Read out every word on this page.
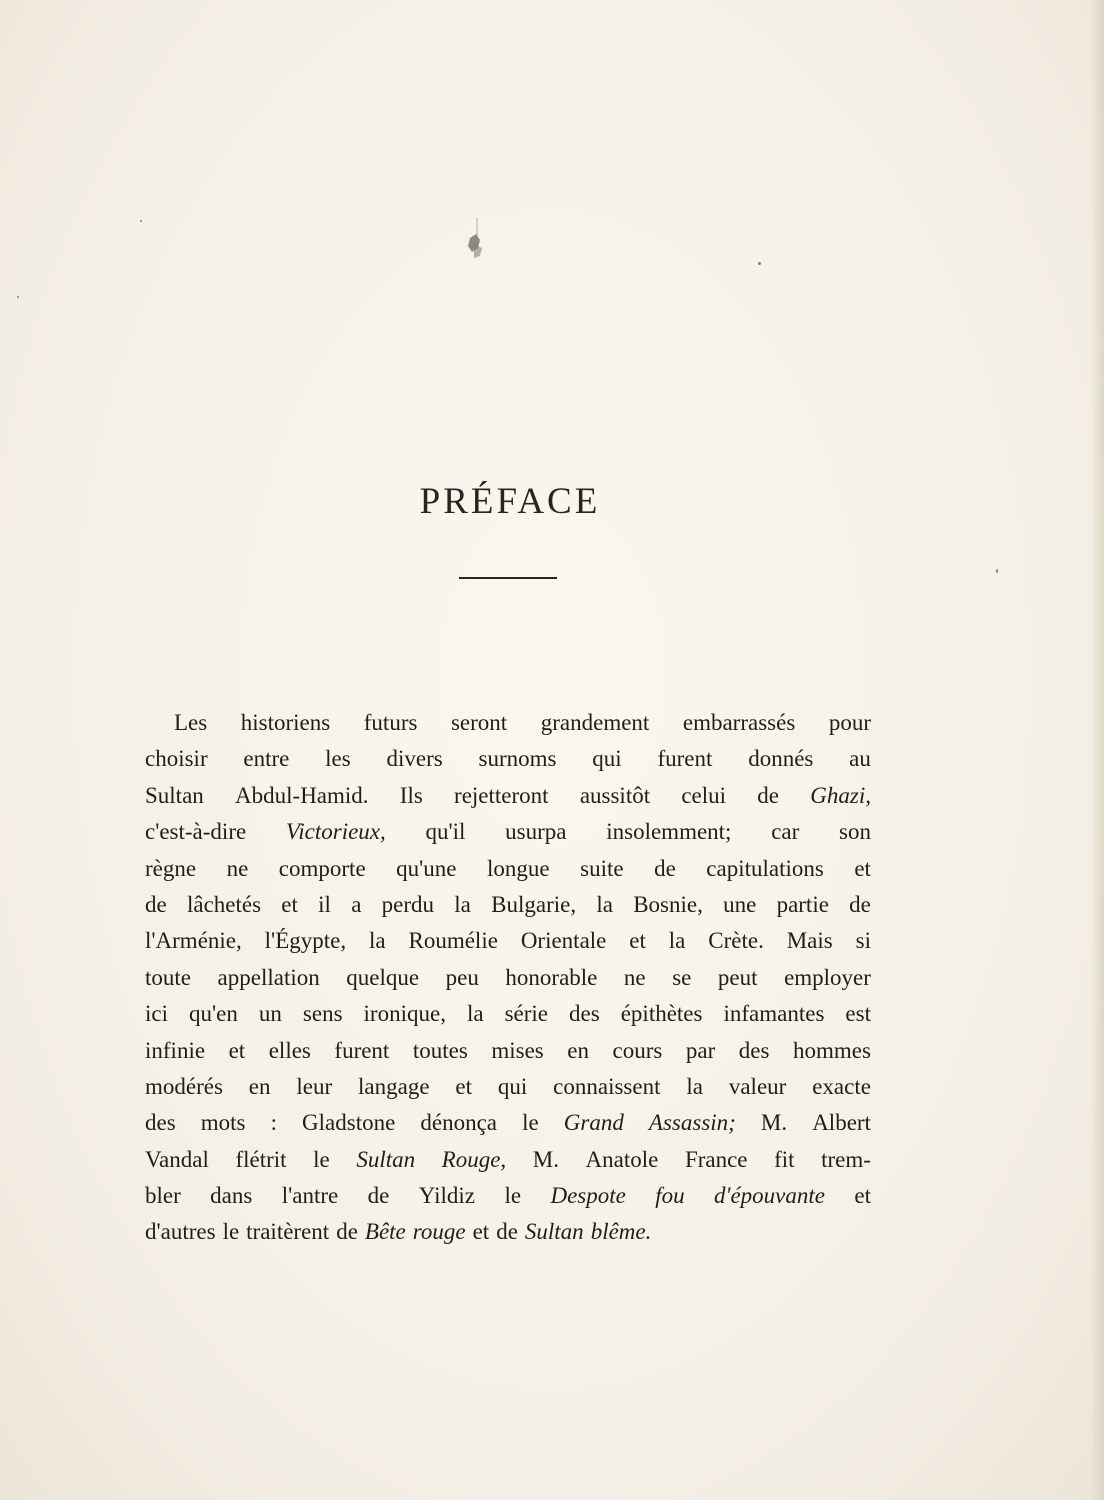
PRÉFACE
Les historiens futurs seront grandement embarrassés pour
choisir entre les divers surnoms qui furent donnés au
Sultan Abdul-Hamid. Ils rejetteront aussitôt celui de Ghazi,
c'est-à-dire Victorieux, qu'il usurpa insolemment; car son
règne ne comporte qu'une longue suite de capitulations et
de lâchetés et il a perdu la Bulgarie, la Bosnie, une partie de
l'Arménie, l'Égypte, la Roumélie Orientale et la Crète. Mais si
toute appellation quelque peu honorable ne se peut employer
ici qu'en un sens ironique, la série des épithètes infamantes est
infinie et elles furent toutes mises en cours par des hommes
modérés en leur langage et qui connaissent la valeur exacte
des mots : Gladstone dénonça le Grand Assassin; M. Albert
Vandal flétrit le Sultan Rouge, M. Anatole France fit trem-
bler dans l'antre de Yildiz le Despote fou d'épouvante et
d'autres le traitèrent de Bête rouge et de Sultan blême.
